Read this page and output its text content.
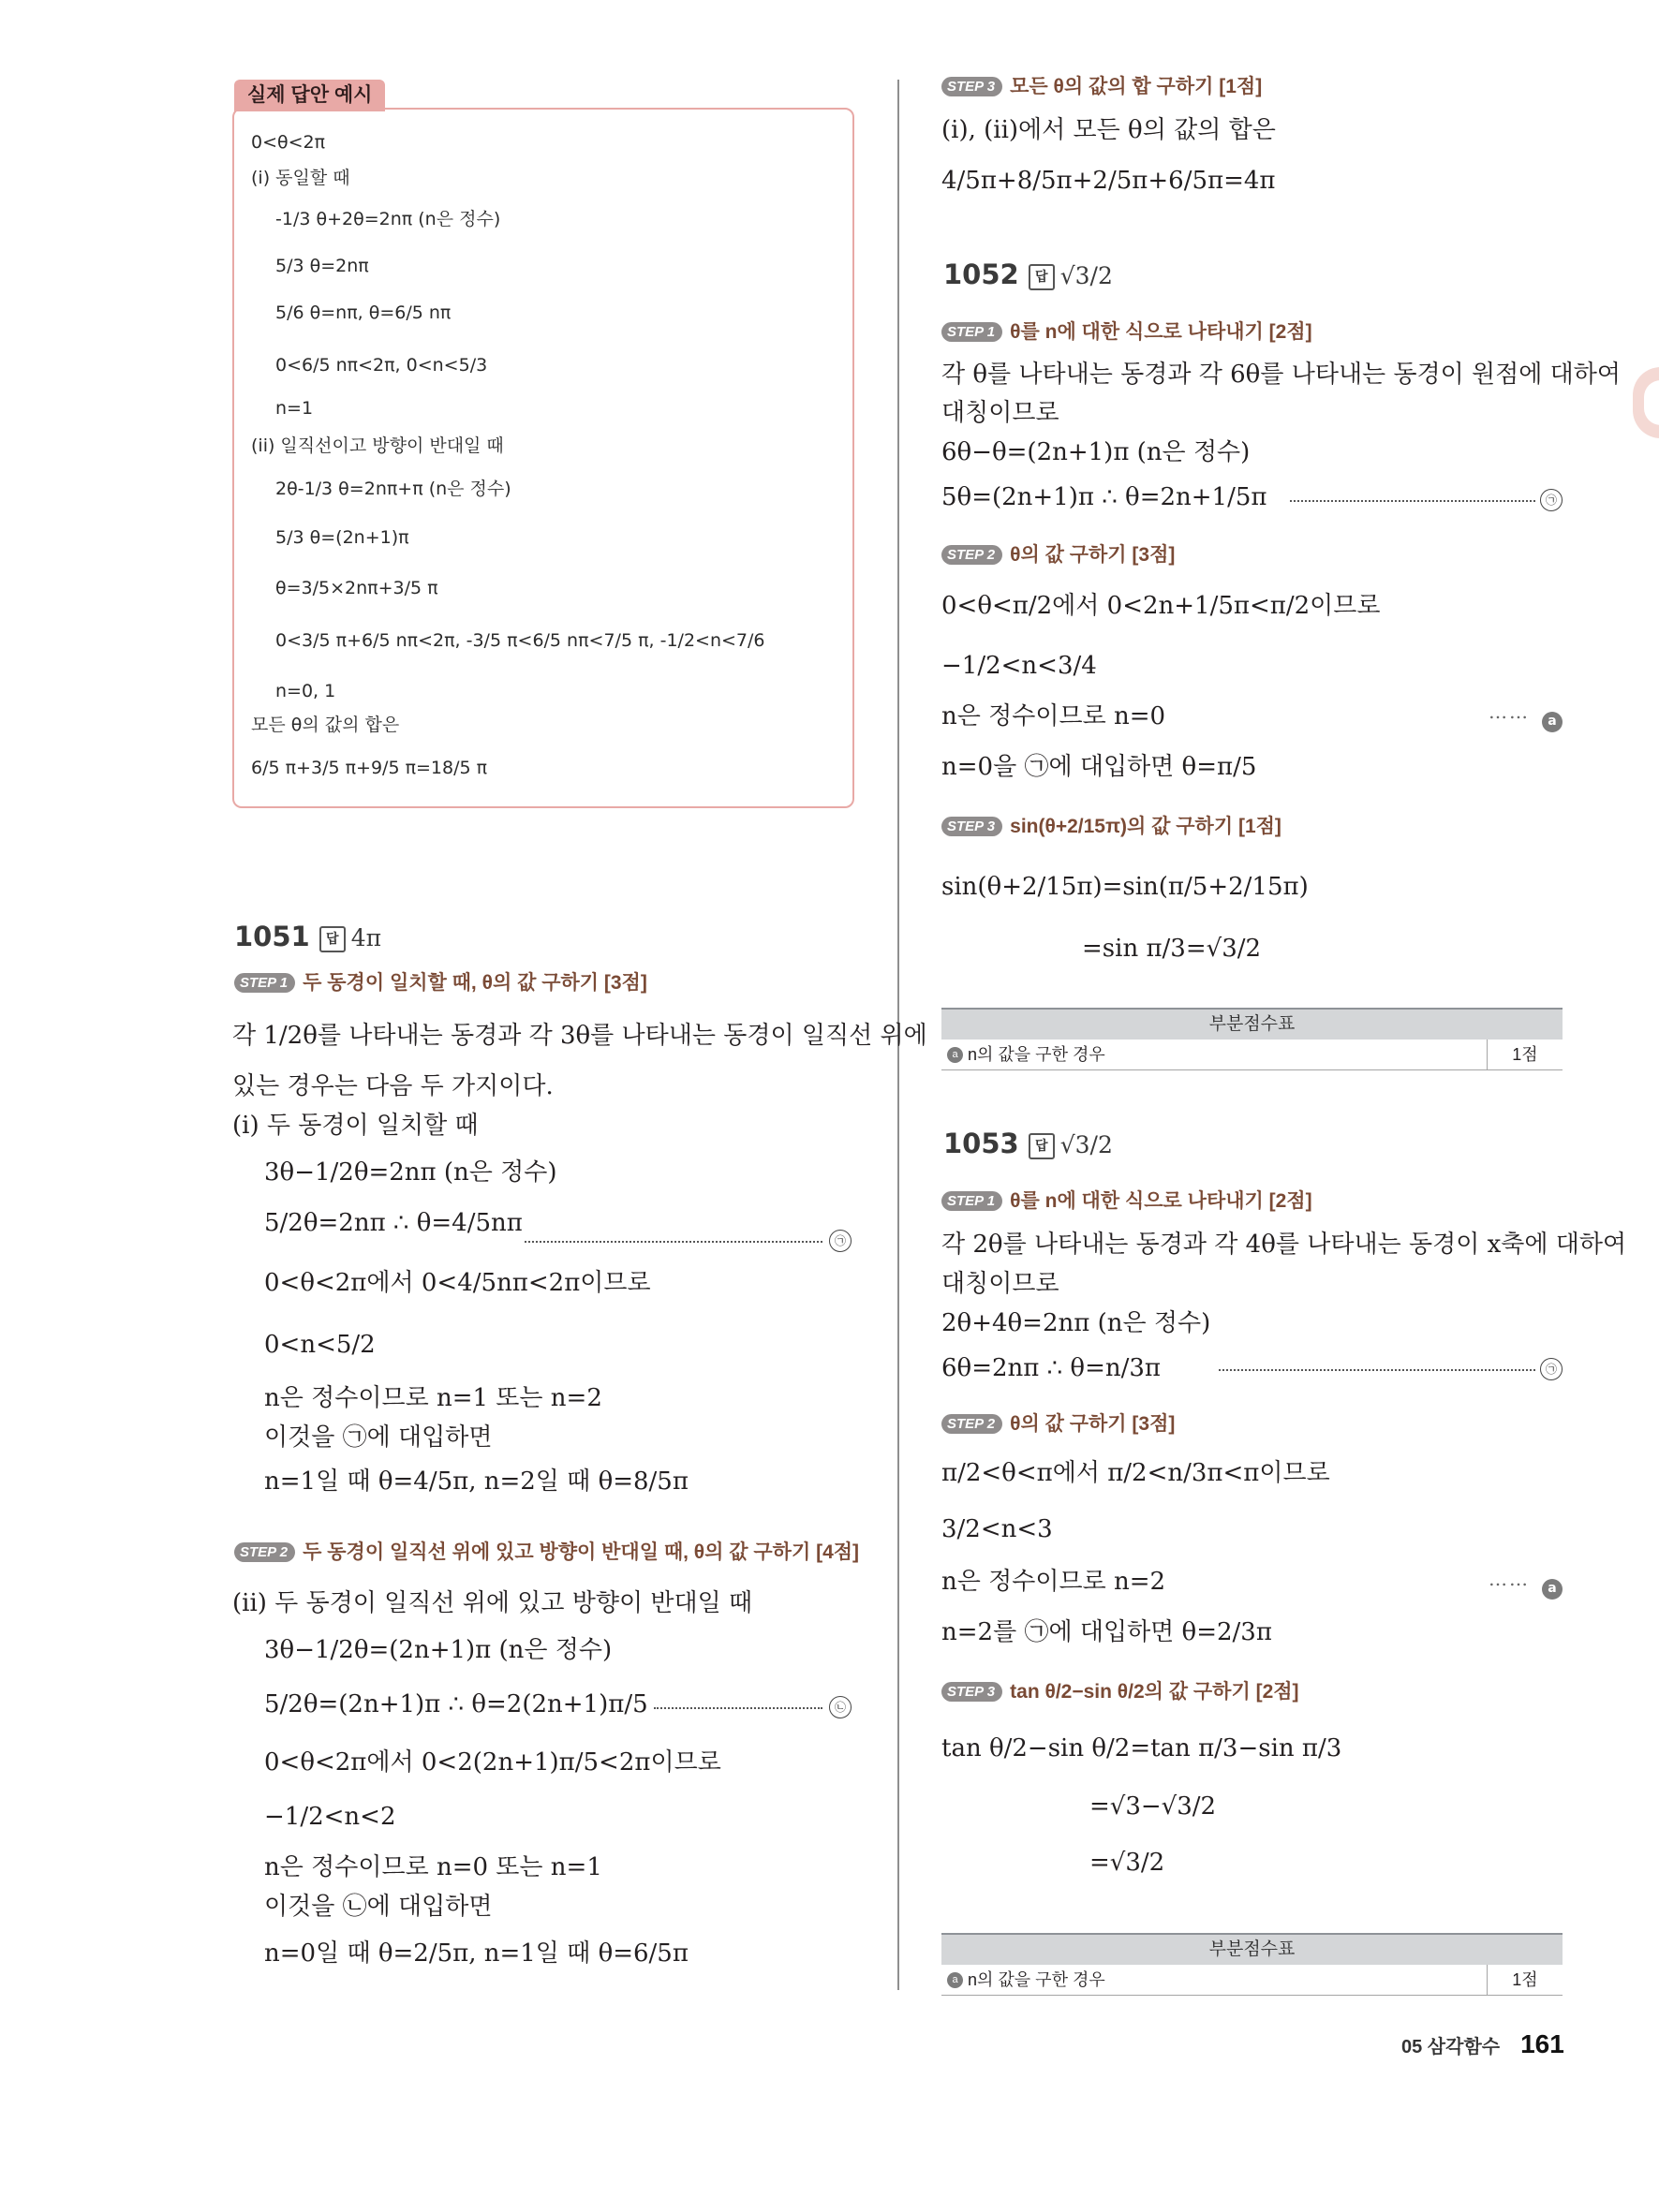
0<θ<2π
(i) 동일할 때
-1/3 θ+2θ=2nπ (n은 정수)
5/3 θ=2nπ
5/6 θ=nπ, θ=6/5 nπ
0<6/5 nπ<2π, 0<n<5/3
n=1
(ii) 일직선이고 방향이 반대일 때
2θ-1/3 θ=2nπ+π (n은 정수)
5/3 θ=(2n+1)π
θ=3/5×2nπ+3/5 π
0<3/5 π+6/5 nπ<2π, -3/5 π<6/5 nπ<7/5 π, -1/2<n<7/6
n=0, 1
모든 θ의 값의 합은
6/5 π+3/5 π+9/5 π=18/5 π
실제 답안 예시
1051 답 4π
STEP 1 두 동경이 일치할 때, θ의 값 구하기 [3점]
각 1/2θ를 나타내는 동경과 각 3θ를 나타내는 동경이 일직선 위에
있는 경우는 다음 두 가지이다.
(i) 두 동경이 일치할 때
3θ−1/2θ=2nπ (n은 정수)
5/2θ=2nπ ∴ θ=4/5nπ
㉠
0<θ<2π에서 0<4/5nπ<2π이므로
0<n<5/2
n은 정수이므로 n=1 또는 n=2
이것을 ㉠에 대입하면
n=1일 때 θ=4/5π, n=2일 때 θ=8/5π
STEP 2 두 동경이 일직선 위에 있고 방향이 반대일 때, θ의 값 구하기 [4점]
(ii) 두 동경이 일직선 위에 있고 방향이 반대일 때
3θ−1/2θ=(2n+1)π (n은 정수)
5/2θ=(2n+1)π ∴ θ=2(2n+1)π/5	㉡
0<θ<2π에서 0<2(2n+1)π/5<2π이므로
−1/2<n<2
n은 정수이므로 n=0 또는 n=1
이것을 ㉡에 대입하면
n=0일 때 θ=2/5π, n=1일 때 θ=6/5π
STEP 3 모든 θ의 값의 합 구하기 [1점]
(i), (ii)에서 모든 θ의 값의 합은
4/5π+8/5π+2/5π+6/5π=4π
1052 답 √3/2
STEP 1 θ를 n에 대한 식으로 나타내기 [2점]
각 θ를 나타내는 동경과 각 6θ를 나타내는 동경이 원점에 대하여
대칭이므로
6θ−θ=(2n+1)π (n은 정수)
5θ=(2n+1)π ∴ θ=2n+1/5π	㉠
STEP 2 θ의 값 구하기 [3점]
0<θ<π/2에서 0<2n+1/5π<π/2이므로
−1/2<n<3/4
n은 정수이므로 n=0	……	a
n=0을 ㉠에 대입하면 θ=π/5
STEP 3 sin(θ+2/15π)의 값 구하기 [1점]
sin(θ+2/15π)=sin(π/5+2/15π)
=sin π/3=√3/2
부분점수표
a n의 값을 구한 경우	1점
1053 답 √3/2
STEP 1 θ를 n에 대한 식으로 나타내기 [2점]
각 2θ를 나타내는 동경과 각 4θ를 나타내는 동경이 x축에 대하여
대칭이므로
2θ+4θ=2nπ (n은 정수)
6θ=2nπ ∴ θ=n/3π	㉠
STEP 2 θ의 값 구하기 [3점]
π/2<θ<π에서 π/2<n/3π<π이므로
3/2<n<3
n은 정수이므로 n=2	……	a
n=2를 ㉠에 대입하면 θ=2/3π
STEP 3 tan θ/2−sin θ/2의 값 구하기 [2점]
tan θ/2−sin θ/2=tan π/3−sin π/3
=√3−√3/2
=√3/2
부분점수표
a n의 값을 구한 경우	1점
05 삼각함수 161
